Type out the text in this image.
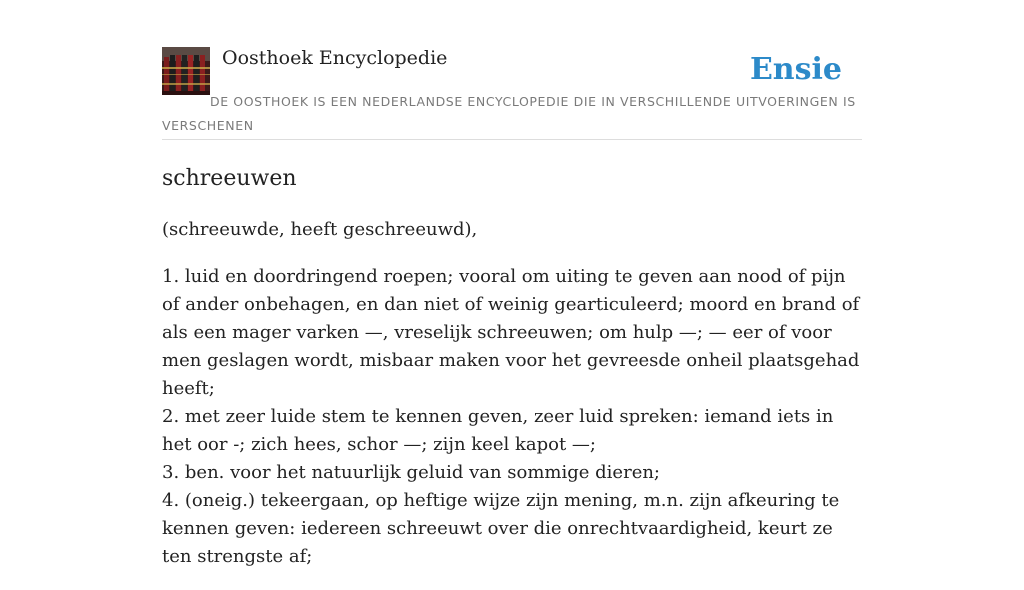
Oosthoek Encyclopedie	Ensie
DE OOSTHOEK IS EEN NEDERLANDSE ENCYCLOPEDIE DIE IN VERSCHILLENDE UITVOERINGEN IS VERSCHENEN
schreeuwen

(schreeuwde, heeft geschreeuwd),

1. luid en doordringend roepen; vooral om uiting te geven aan nood of pijn of ander onbehagen, en dan niet of weinig gearticuleerd; moord en brand of als een mager varken —, vreselijk schreeuwen; om hulp —; — eer of voor men geslagen wordt, misbaar maken voor het gevreesde onheil plaatsgehad heeft;
2. met zeer luide stem te kennen geven, zeer luid spreken: iemand iets in het oor -; zich hees, schor —; zijn keel kapot —;
3. ben. voor het natuurlijk geluid van sommige dieren;
4. (oneig.) tekeergaan, op heftige wijze zijn mening, m.n. zijn afkeuring te kennen geven: iedereen schreeuwt over die onrechtvaardigheid, keurt ze ten strengste af;
